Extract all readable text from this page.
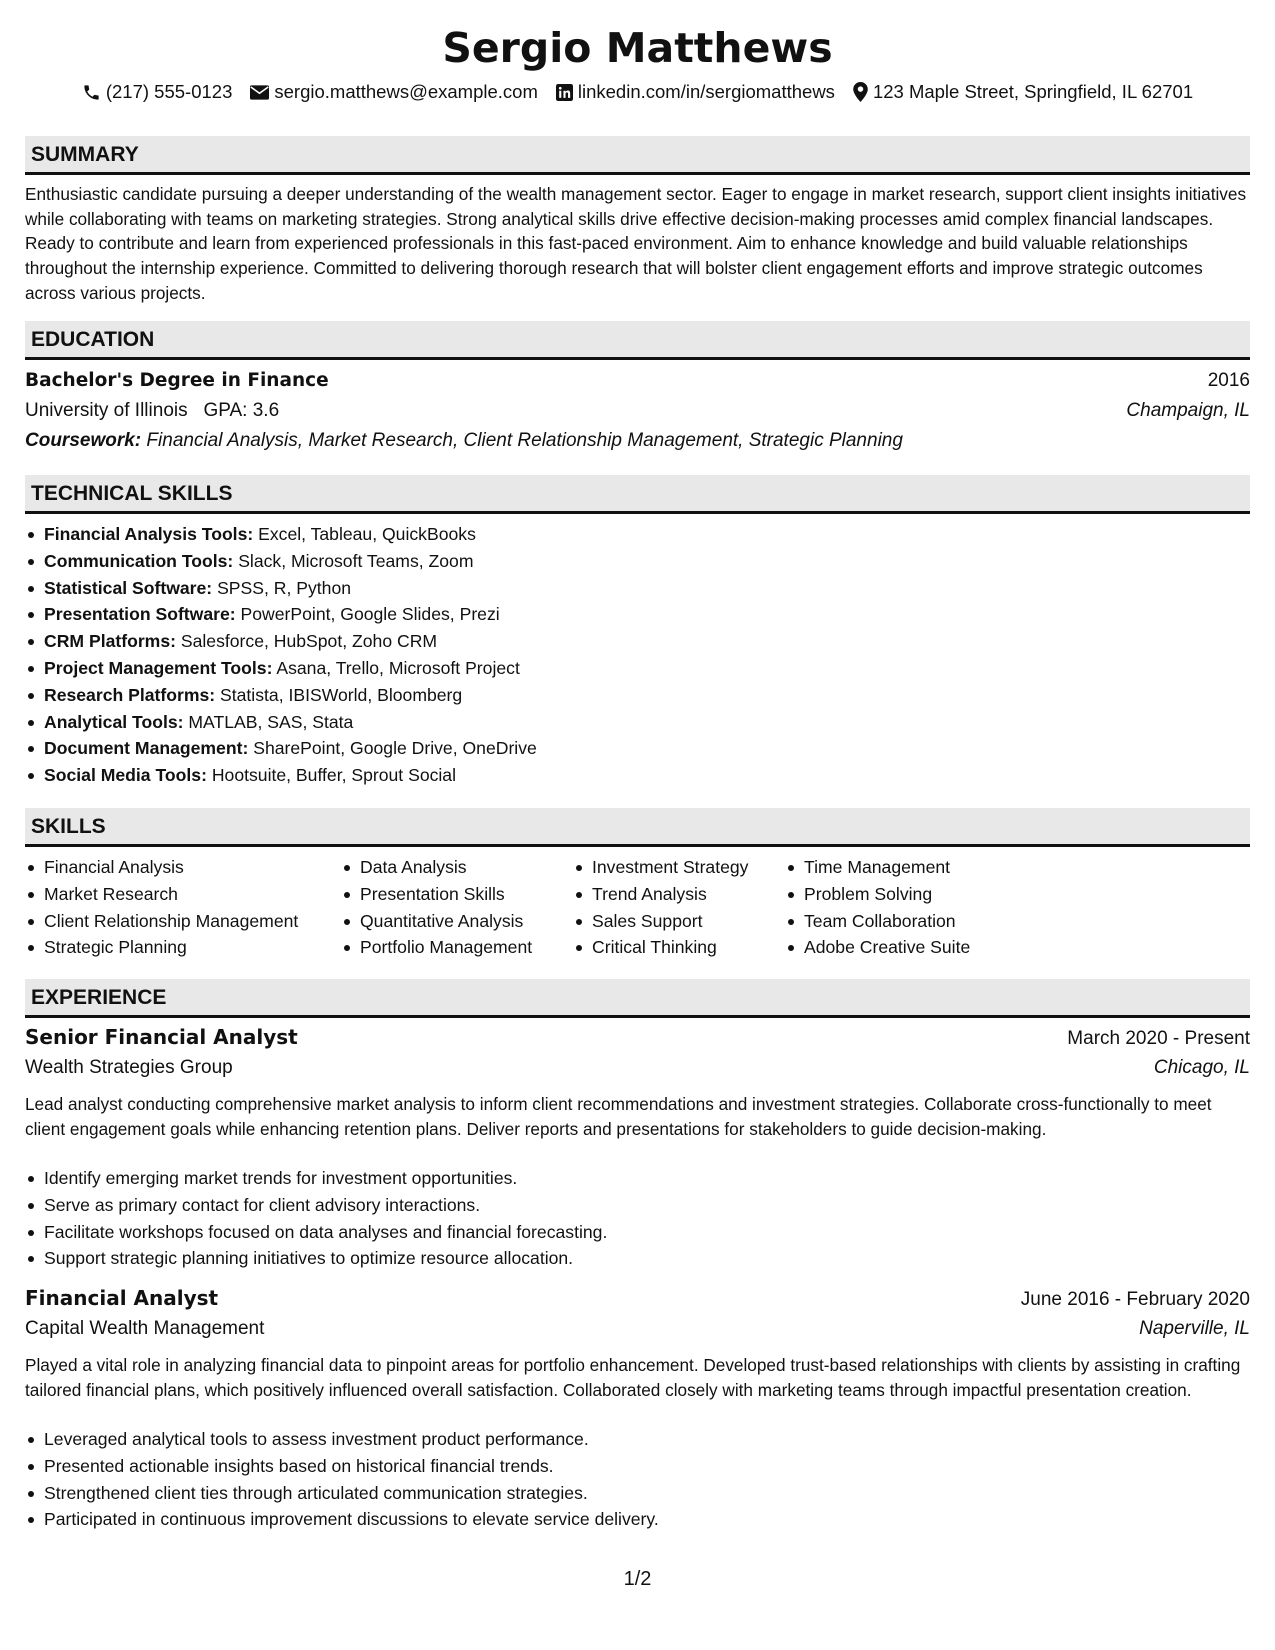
Sergio Matthews
(217) 555-0123 sergio.matthews@example.com linkedin.com/in/sergiomatthews 123 Maple Street, Springfield, IL 62701
SUMMARY
Enthusiastic candidate pursuing a deeper understanding of the wealth management sector. Eager to engage in market research, support client insights initiatives while collaborating with teams on marketing strategies. Strong analytical skills drive effective decision-making processes amid complex financial landscapes. Ready to contribute and learn from experienced professionals in this fast-paced environment. Aim to enhance knowledge and build valuable relationships throughout the internship experience. Committed to delivering thorough research that will bolster client engagement efforts and improve strategic outcomes across various projects.
EDUCATION
Bachelor's Degree in Finance	2016
University of Illinois GPA: 3.6	Champaign, IL
Coursework: Financial Analysis, Market Research, Client Relationship Management, Strategic Planning
TECHNICAL SKILLS
Financial Analysis Tools: Excel, Tableau, QuickBooks
Communication Tools: Slack, Microsoft Teams, Zoom
Statistical Software: SPSS, R, Python
Presentation Software: PowerPoint, Google Slides, Prezi
CRM Platforms: Salesforce, HubSpot, Zoho CRM
Project Management Tools: Asana, Trello, Microsoft Project
Research Platforms: Statista, IBISWorld, Bloomberg
Analytical Tools: MATLAB, SAS, Stata
Document Management: SharePoint, Google Drive, OneDrive
Social Media Tools: Hootsuite, Buffer, Sprout Social
SKILLS
Financial Analysis
Market Research
Client Relationship Management
Strategic Planning
Data Analysis
Presentation Skills
Quantitative Analysis
Portfolio Management
Investment Strategy
Trend Analysis
Sales Support
Critical Thinking
Time Management
Problem Solving
Team Collaboration
Adobe Creative Suite
EXPERIENCE
Senior Financial Analyst	March 2020 - Present
Wealth Strategies Group	Chicago, IL
Lead analyst conducting comprehensive market analysis to inform client recommendations and investment strategies. Collaborate cross-functionally to meet client engagement goals while enhancing retention plans. Deliver reports and presentations for stakeholders to guide decision-making.
Identify emerging market trends for investment opportunities.
Serve as primary contact for client advisory interactions.
Facilitate workshops focused on data analyses and financial forecasting.
Support strategic planning initiatives to optimize resource allocation.
Financial Analyst	June 2016 - February 2020
Capital Wealth Management	Naperville, IL
Played a vital role in analyzing financial data to pinpoint areas for portfolio enhancement. Developed trust-based relationships with clients by assisting in crafting tailored financial plans, which positively influenced overall satisfaction. Collaborated closely with marketing teams through impactful presentation creation.
Leveraged analytical tools to assess investment product performance.
Presented actionable insights based on historical financial trends.
Strengthened client ties through articulated communication strategies.
Participated in continuous improvement discussions to elevate service delivery.
1/2
